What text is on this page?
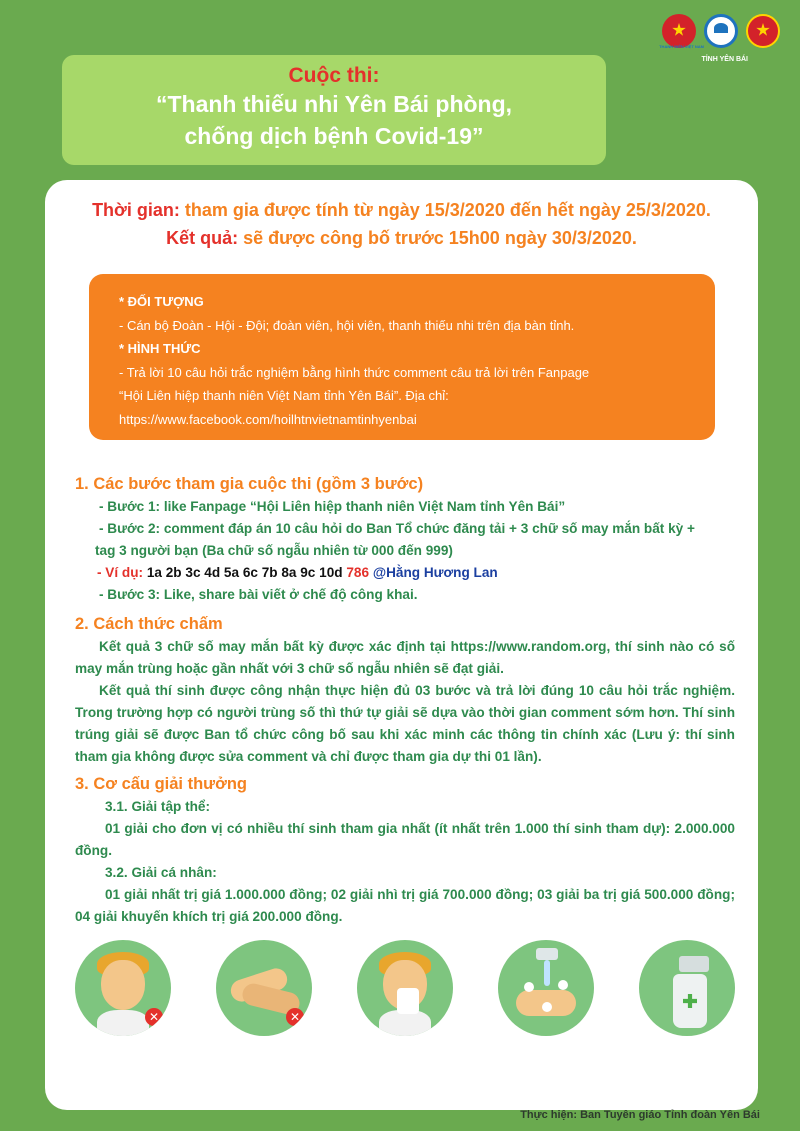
THANH NIÊN VIỆT NAM
TỈNH YÊN BÁI
Cuộc thi:
“Thanh thiếu nhi Yên Bái phòng,
chống dịch bệnh Covid-19”
Thời gian: tham gia được tính từ ngày 15/3/2020 đến hết ngày 25/3/2020.
Kết quả: sẽ được công bố trước 15h00 ngày 30/3/2020.
* ĐỐI TƯỢNG
- Cán bộ Đoàn - Hội - Đội; đoàn viên, hội viên, thanh thiếu nhi trên địa bàn tỉnh.
* HÌNH THỨC
- Trả lời 10 câu hỏi trắc nghiệm bằng hình thức comment câu trả lời trên Fanpage
“Hội Liên hiệp thanh niên Việt Nam tỉnh Yên Bái”. Địa chỉ:
https://www.facebook.com/hoilhtnvietnamtinhyenbai
1. Các bước tham gia cuộc thi (gồm 3 bước)
- Bước 1: like Fanpage “Hội Liên hiệp thanh niên Việt Nam tỉnh Yên Bái”
- Bước 2: comment đáp án 10 câu hỏi do Ban Tổ chức đăng tải + 3 chữ số may mắn bất kỳ +
tag 3 người bạn (Ba chữ số ngẫu nhiên từ 000 đến 999)
- Ví dụ: 1a 2b 3c 4d 5a 6c 7b 8a 9c 10d 786 @Hằng Hương Lan
- Bước 3: Like, share bài viết ở chế độ công khai.
2. Cách thức chấm
Kết quả 3 chữ số may mắn bất kỳ được xác định tại https://www.random.org, thí sinh nào có số may mắn trùng hoặc gần nhất với 3 chữ số ngẫu nhiên sẽ đạt giải.
Kết quả thí sinh được công nhận thực hiện đủ 03 bước và trả lời đúng 10 câu hỏi trắc nghiệm. Trong trường hợp có người trùng số thì thứ tự giải sẽ dựa vào thời gian comment sớm hơn. Thí sinh trúng giải sẽ được Ban tổ chức công bố sau khi xác minh các thông tin chính xác (Lưu ý: thí sinh tham gia không được sửa comment và chỉ được tham gia dự thi 01 lần).
3. Cơ cấu giải thưởng
3.1. Giải tập thể:
01 giải cho đơn vị có nhiều thí sinh tham gia nhất (ít nhất trên 1.000 thí sinh tham dự): 2.000.000 đồng.
3.2. Giải cá nhân:
01 giải nhất trị giá 1.000.000 đồng; 02 giải nhì trị giá 700.000 đồng; 03 giải ba trị giá 500.000 đồng; 04 giải khuyến khích trị giá 200.000 đồng.
✕	✕
Thực hiện: Ban Tuyên giáo Tỉnh đoàn Yên Bái
